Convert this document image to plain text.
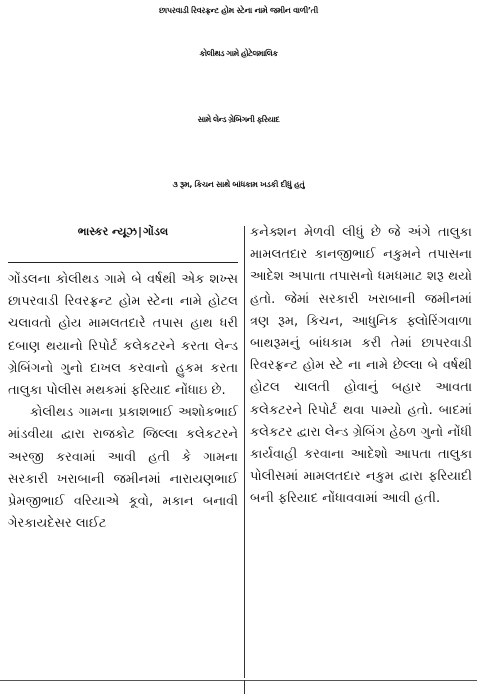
છાપરવાડી રિવરફ્રન્ટ હોમ સ્ટેના નામે જમીન વાળી’તી
કોલીથડ ગામે હોટેલમાલિક
સામે લેન્ડ ગ્રેબિંગની ફરિયાદ
૩ રૂમ, કિચન સાથે બાંધકામ ખડકી દીધું હતું
ભાસ્કર ન્યૂઝ|ગોંડલ

ગોંડલના કોલીથડ ગામે બે વર્ષથી એક શખ્સ છાપરવાડી રિવરફ્રન્ટ હોમ સ્ટેના નામે હોટલ ચલાવતો હોય મામલતદારે તપાસ હાથ ધરી દબાણ થયાનો રિપોર્ટ કલેકટરને કરતા લેન્ડ ગ્રેબિંગનો ગુનો દાખલ કરવાનો હુકમ કરતા તાલુકા પોલીસ મથકમાં ફરિયાદ નોંધાઇ છે.

કોલીથડ ગામના પ્રકાશભાઈ અશોકભાઈ માંડવીયા દ્વારા રાજકોટ જિલ્લા કલેકટરને અરજી કરવામાં આવી હતી કે ગામના સરકારી ખરાબાની જમીનમાં નારાયણભાઈ પ્રેમજીભાઈ વરિયાએ કૂવો, મકાન બનાવી ગેરકાયદેસર લાઈટ

કનેક્શન મેળવી લીધું છે જે અંગે તાલુકા મામલતદાર કાનજીભાઈ નકુમને તપાસના આદેશ અપાતા તપાસનો ધમધમાટ શરૂ થયો હતો. જેમાં સરકારી ખરાબાની જમીનમાં ત્રણ રૂમ, કિચન, આધુનિક ફ્લોરિંગવાળા બાથરૂમનું બાંધકામ કરી તેમાં છાપરવાડી રિવરફ્રન્ટ હોમ સ્ટે ના નામે છેલ્લા બે વર્ષથી હોટલ ચાલતી હોવાનું બહાર આવતા કલેકટરને રિપોર્ટ થવા પામ્યો હતો. બાદમાં કલેકટર દ્વારા લેન્ડ ગ્રેબિંગ હેઠળ ગુનો નોંધી કાર્યવાહી કરવાના આદેશો આપતા તાલુકા પોલીસમાં મામલતદાર નકુમ દ્વારા ફરિયાદી બની ફરિયાદ નોંધાવવામાં આવી હતી.
